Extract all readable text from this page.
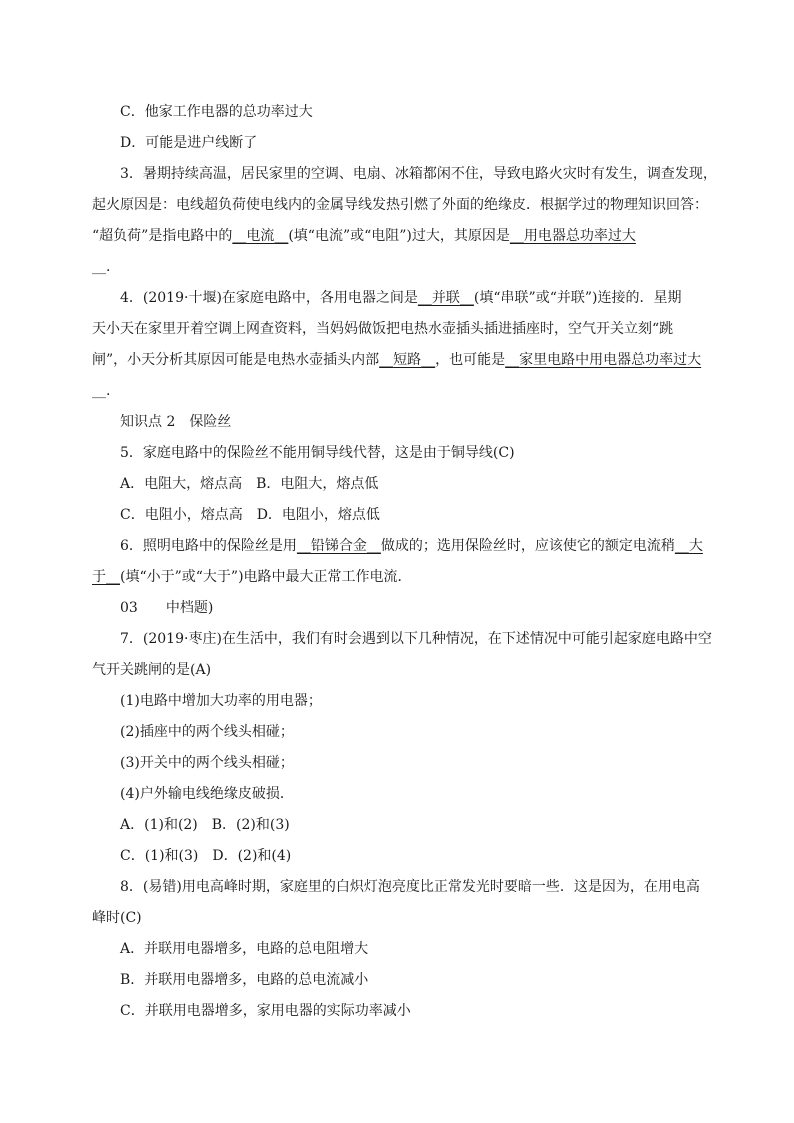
C．他家工作电器的总功率过大
D．可能是进户线断了
3．暑期持续高温，居民家里的空调、电扇、冰箱都闲不住，导致电路火灾时有发生，调查发现，
起火原因是：电线超负荷使电线内的金属导线发热引燃了外面的绝缘皮．根据学过的物理知识回答：
“超负荷”是指电路中的__电流__(填“电流”或“电阻”)过大，其原因是__用电器总功率过大
__.
4．(2019·十堰)在家庭电路中，各用电器之间是__并联__(填“串联”或“并联”)连接的．星期
天小天在家里开着空调上网查资料，当妈妈做饭把电热水壶插头插进插座时，空气开关立刻“跳
闸”，小天分析其原因可能是电热水壶插头内部__短路__，也可能是__家里电路中用电器总功率过大
__.
知识点 2　保险丝
5．家庭电路中的保险丝不能用铜导线代替，这是由于铜导线(C)
A．电阻大，熔点高　B．电阻大，熔点低
C．电阻小，熔点高　D．电阻小，熔点低
6．照明电路中的保险丝是用__铅锑合金__做成的；选用保险丝时，应该使它的额定电流稍__大
于__(填“小于”或“大于”)电路中最大正常工作电流．
03　　中档题)
7．(2019·枣庄)在生活中，我们有时会遇到以下几种情况，在下述情况中可能引起家庭电路中空
气开关跳闸的是(A)
(1)电路中增加大功率的用电器；
(2)插座中的两个线头相碰；
(3)开关中的两个线头相碰；
(4)户外输电线绝缘皮破损．
A．(1)和(2)　B．(2)和(3)
C．(1)和(3)　D．(2)和(4)
8．(易错)用电高峰时期，家庭里的白炽灯泡亮度比正常发光时要暗一些．这是因为，在用电高
峰时(C)
A．并联用电器增多，电路的总电阻增大
B．并联用电器增多，电路的总电流减小
C．并联用电器增多，家用电器的实际功率减小
